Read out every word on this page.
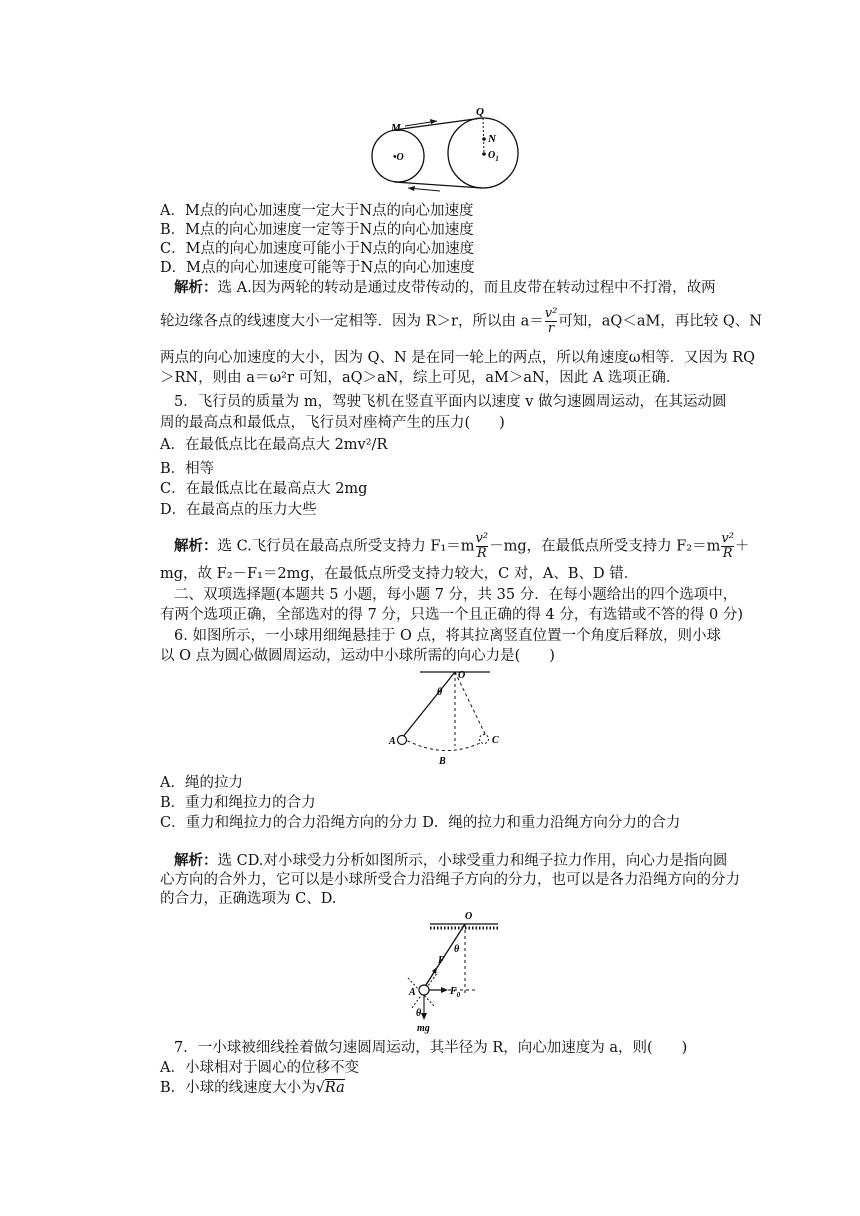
M
Q
N
•O	$O_1$
A．M点的向心加速度一定大于N点的向心加速度
B．M点的向心加速度一定等于N点的向心加速度
C．M点的向心加速度可能小于N点的向心加速度
D．M点的向心加速度可能等于N点的向心加速度
解析：选 A.因为两轮的转动是通过皮带传动的，而且皮带在转动过程中不打滑，故两
轮边缘各点的线速度大小一定相等．因为 R＞r，所以由 $a= \frac{\text{v²}}{r}$ 可知，aQ＜aM，再比较 Q、N
两点的向心加速度的大小，因为 Q、N 是在同一轮上的两点，所以角速度ω相等．又因为 RQ
＞RN，则由 a＝ω²r 可知，aQ＞aN，综上可见，aM＞aN，因此 A 选项正确．
5．飞行员的质量为 m，驾驶飞机在竖直平面内以速度 v 做匀速圆周运动，在其运动圆
周的最高点和最低点，飞行员对座椅产生的压力(　　)
A．在最低点比在最高点大 2mv²/R
B．相等
C．在最低点比在最高点大 2mg
D．在最高点的压力大些
解析：选 C.飞行员在最高点所受支持力 $F_1=m \frac{\text{v²}}{R} -mg$，在最低点所受支持力 $F_2=m \frac{\text{v²}}{R}$ ＋
mg，故 F₂－F₁＝2mg，在最低点所受支持力较大，C 对，A、B、D 错．
二、双项选择题(本题共 5 小题，每小题 7 分，共 35 分．在每小题给出的四个选项中，
有两个选项正确，全部选对的得 7 分，只选一个且正确的得 4 分，有选错或不答的得 0 分)
6. 如图所示，一小球用细绳悬挂于 O 点，将其拉离竖直位置一个角度后释放，则小球
以 O 点为圆心做圆周运动，运动中小球所需的向心力是(　　)
O
θ
A
B
C
A．绳的拉力
B．重力和绳拉力的合力
C．重力和绳拉力的合力沿绳方向的分力 D．绳的拉力和重力沿绳方向分力的合力
解析：选 CD.对小球受力分析如图所示，小球受重力和绳子拉力作用，向心力是指向圆
心方向的合外力，它可以是小球所受合力沿绳子方向的分力，也可以是各力沿绳方向的分力
的合力，正确选项为 C、D.
O
F
θ
A	$F_0$
θ
mg
7．一小球被细线拴着做匀速圆周运动，其半径为 R，向心加速度为 a，则(　　)
A．小球相对于圆心的位移不变
B．小球的线速度大小为√Ra
